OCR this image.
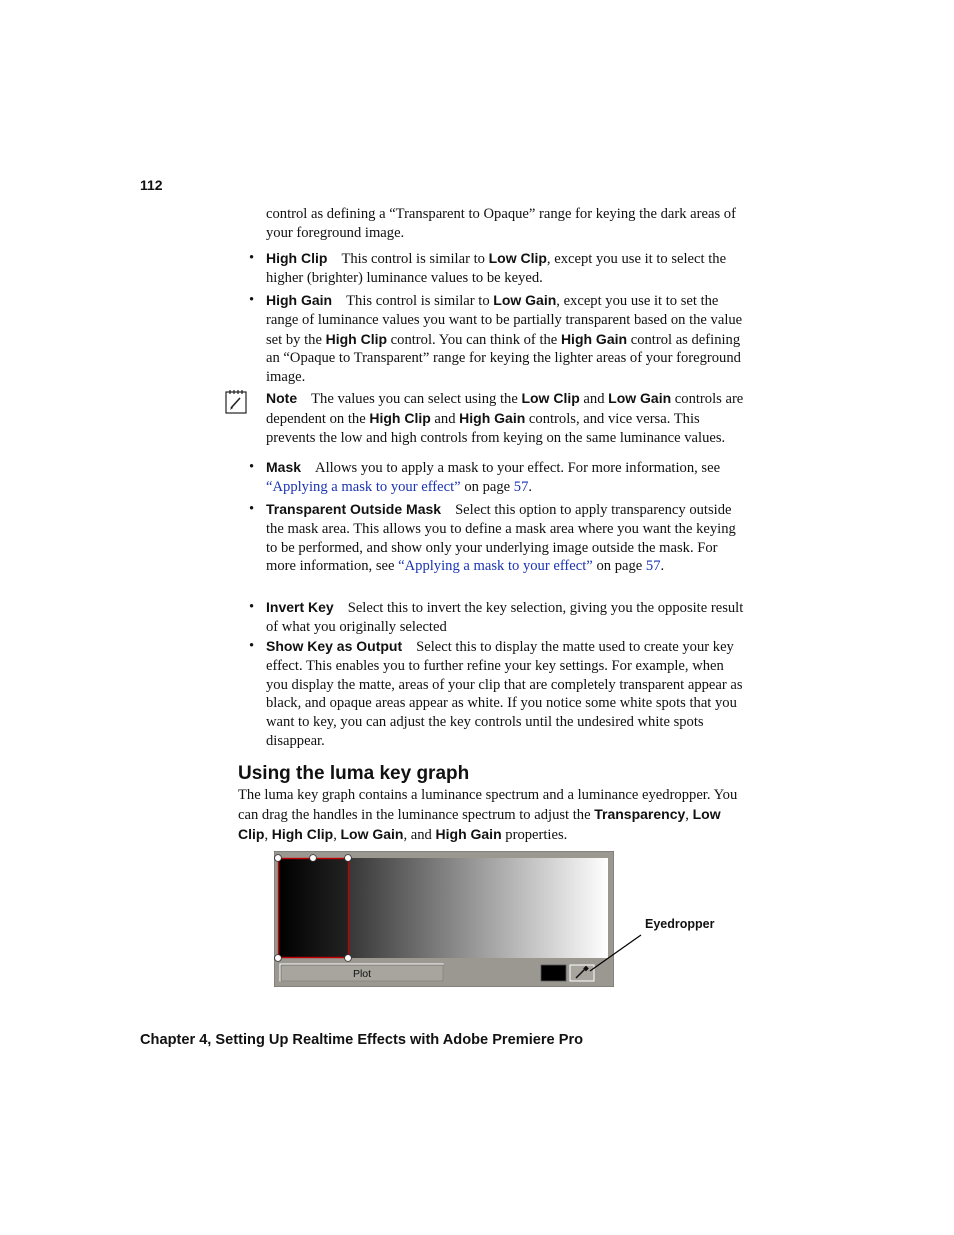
112

control as defining a “Transparent to Opaque” range for keying the dark areas of your foreground image.

• High Clip This control is similar to Low Clip, except you use it to select the higher (brighter) luminance values to be keyed.

• High Gain This control is similar to Low Gain, except you use it to set the range of luminance values you want to be partially transparent based on the value set by the High Clip control. You can think of the High Gain control as defining an “Opaque to Transparent” range for keying the lighter areas of your foreground image.

Note The values you can select using the Low Clip and Low Gain controls are dependent on the High Clip and High Gain controls, and vice versa. This prevents the low and high controls from keying on the same luminance values.

• Mask Allows you to apply a mask to your effect. For more information, see “Applying a mask to your effect” on page 57.

• Transparent Outside Mask Select this option to apply transparency outside the mask area. This allows you to define a mask area where you want the keying to be performed, and show only your underlying image outside the mask. For more information, see “Applying a mask to your effect” on page 57.

• Invert Key Select this to invert the key selection, giving you the opposite result of what you originally selected

• Show Key as Output Select this to display the matte used to create your key effect. This enables you to further refine your key settings. For example, when you display the matte, areas of your clip that are completely transparent appear as black, and opaque areas appear as white. If you notice some white spots that you want to key, you can adjust the key controls until the undesired white spots disappear.

Using the luma key graph

The luma key graph contains a luminance spectrum and a luminance eyedropper. You can drag the handles in the luminance spectrum to adjust the Transparency, Low Clip, High Clip, Low Gain, and High Gain properties.

Plot
Eyedropper
Chapter 4, Setting Up Realtime Effects with Adobe Premiere Pro
